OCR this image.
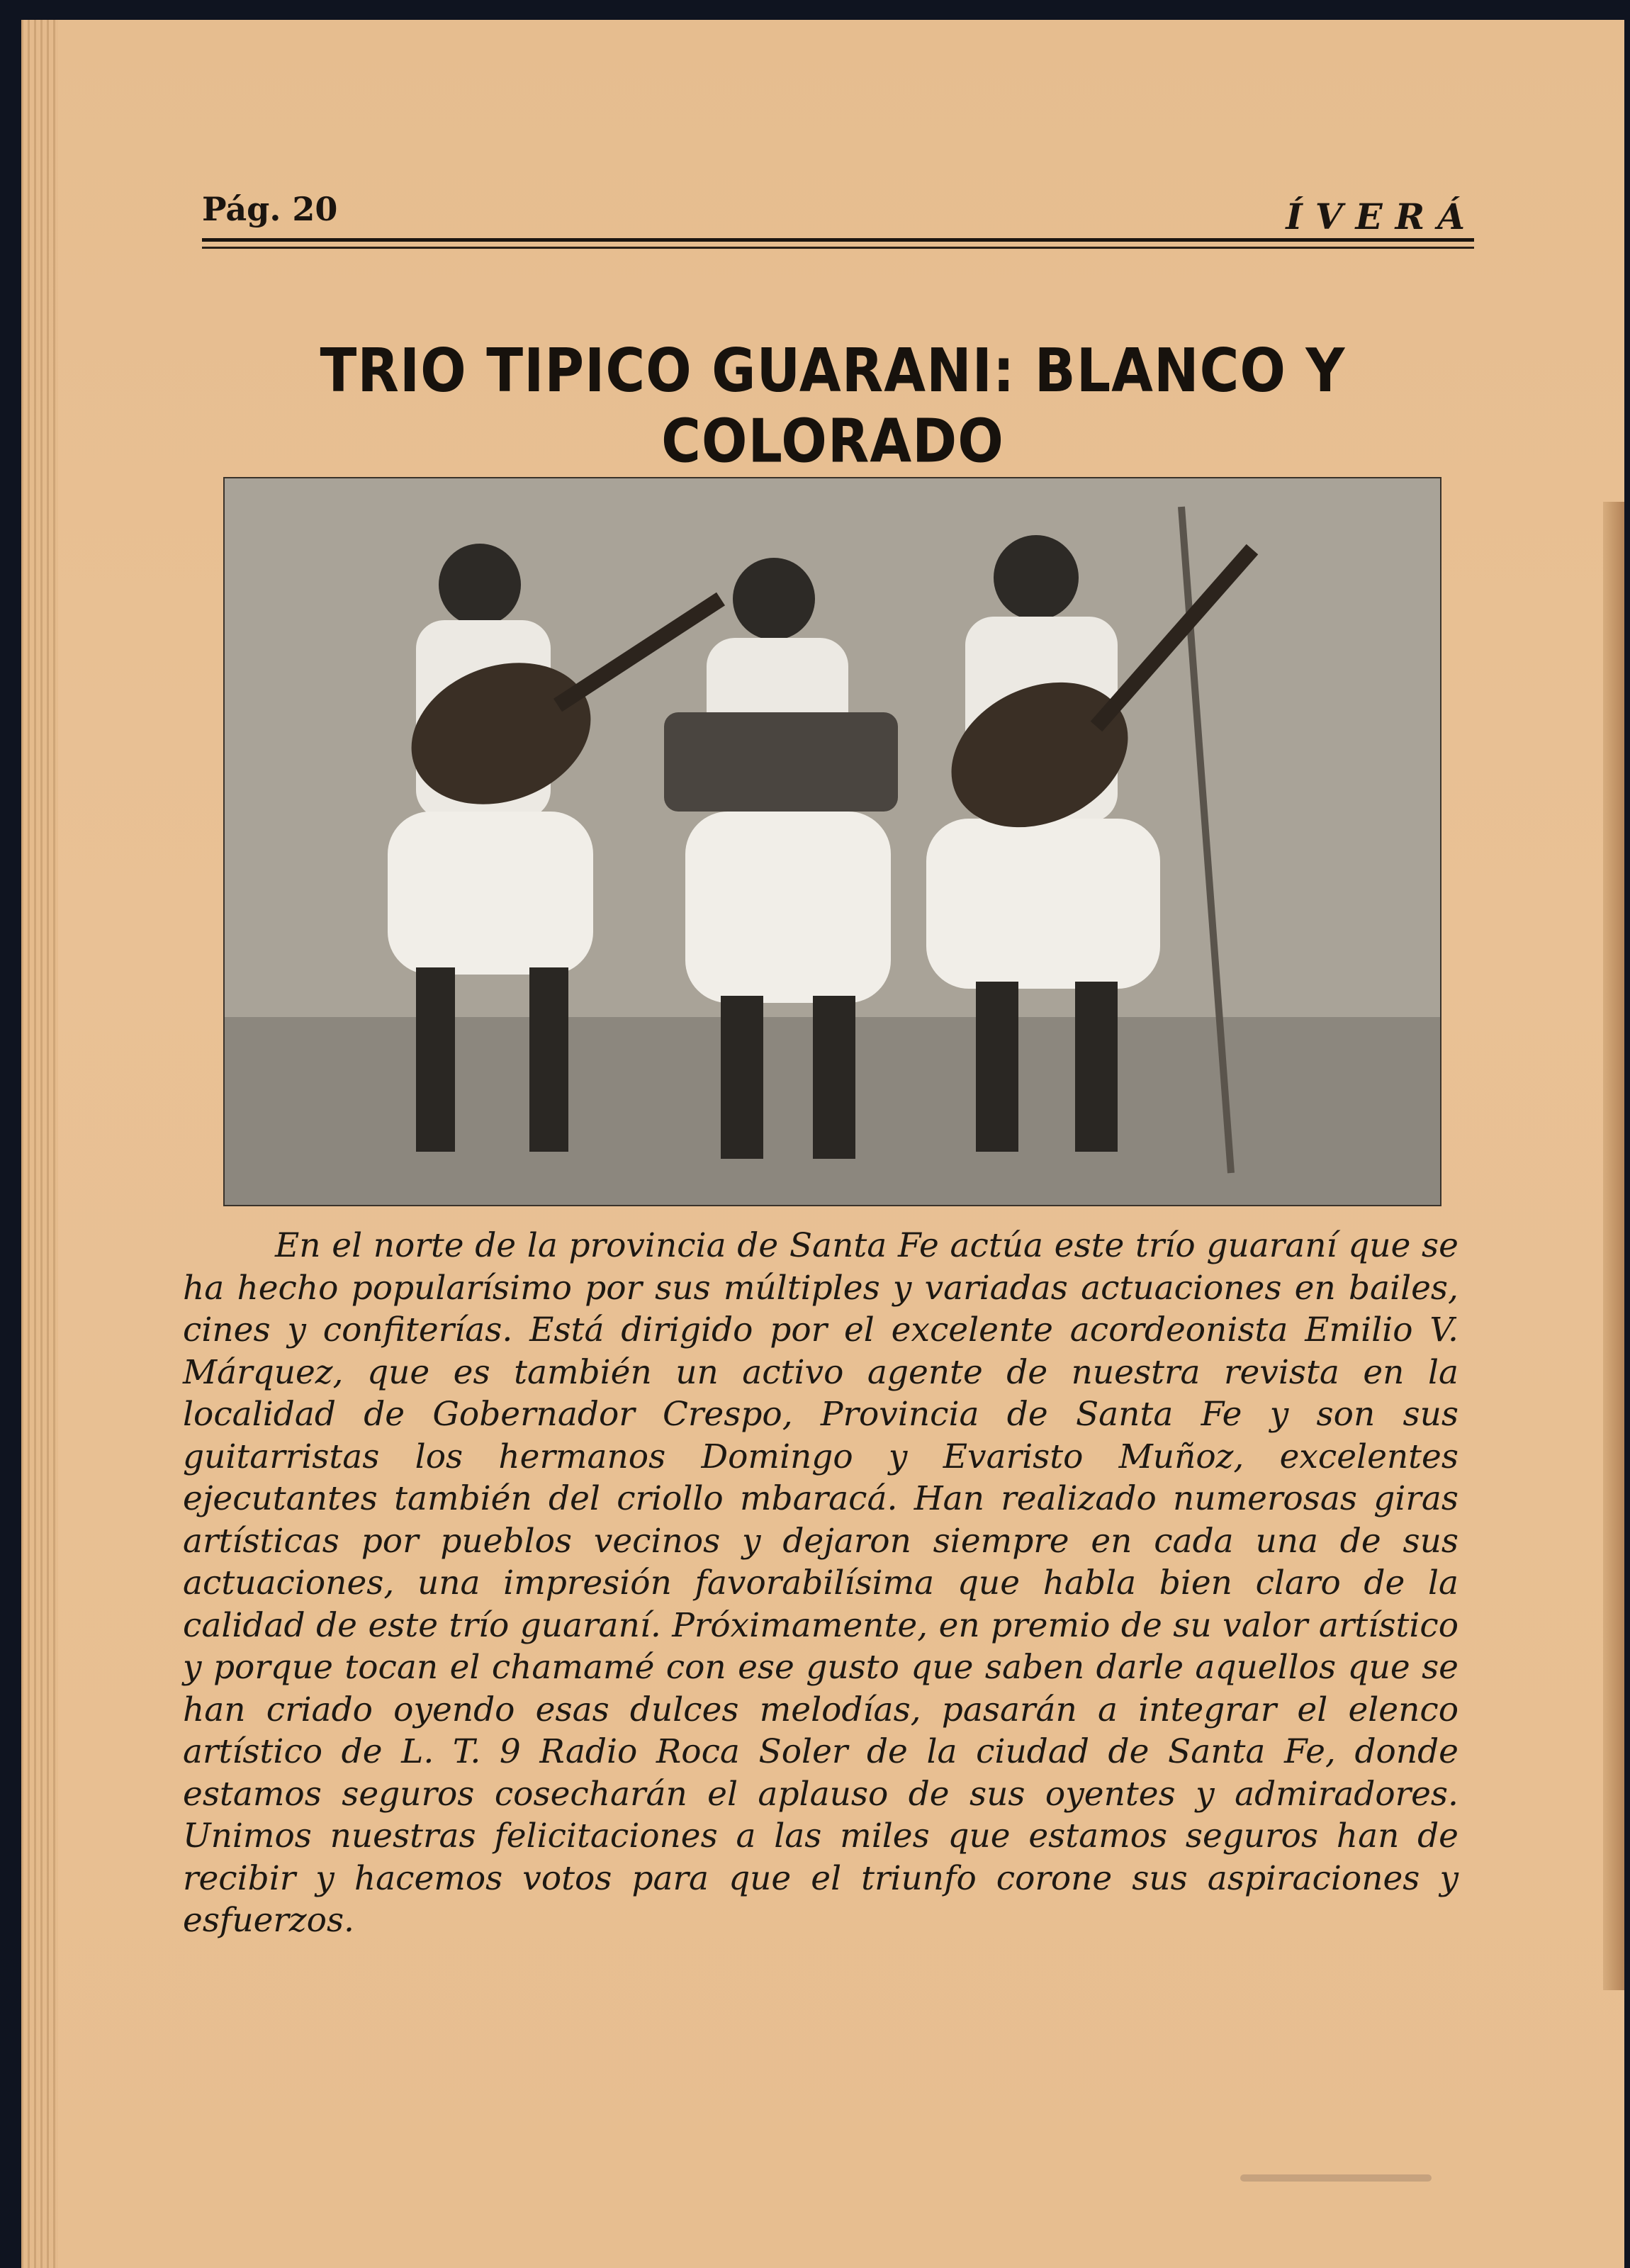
Pág. 20	ÍVERÁ
TRIO TIPICO GUARANI: BLANCO Y COLORADO
En el norte de la provincia de Santa Fe actúa este trío guaraní que se ha hecho popularísimo por sus múltiples y variadas actuaciones en bailes, cines y confiterías. Está dirigido por el excelente acordeonista Emilio V. Márquez, que es también un activo agente de nuestra revista en la localidad de Gobernador Crespo, Provincia de Santa Fe y son sus guitarristas los hermanos Domingo y Evaristo Muñoz, excelentes ejecutantes también del criollo mbaracá. Han realizado numerosas giras artísticas por pueblos vecinos y dejaron siempre en cada una de sus actuaciones, una impresión favorabilísima que habla bien claro de la calidad de este trío guaraní. Próximamente, en premio de su valor artístico y porque tocan el chamamé con ese gusto que saben darle aquellos que se han criado oyendo esas dulces melodías, pasarán a integrar el elenco artístico de L. T. 9 Radio Roca Soler de la ciudad de Santa Fe, donde estamos seguros cosecharán el aplauso de sus oyentes y admiradores. Unimos nuestras felicitaciones a las miles que estamos seguros han de recibir y hacemos votos para que el triunfo corone sus aspiraciones y esfuerzos.
